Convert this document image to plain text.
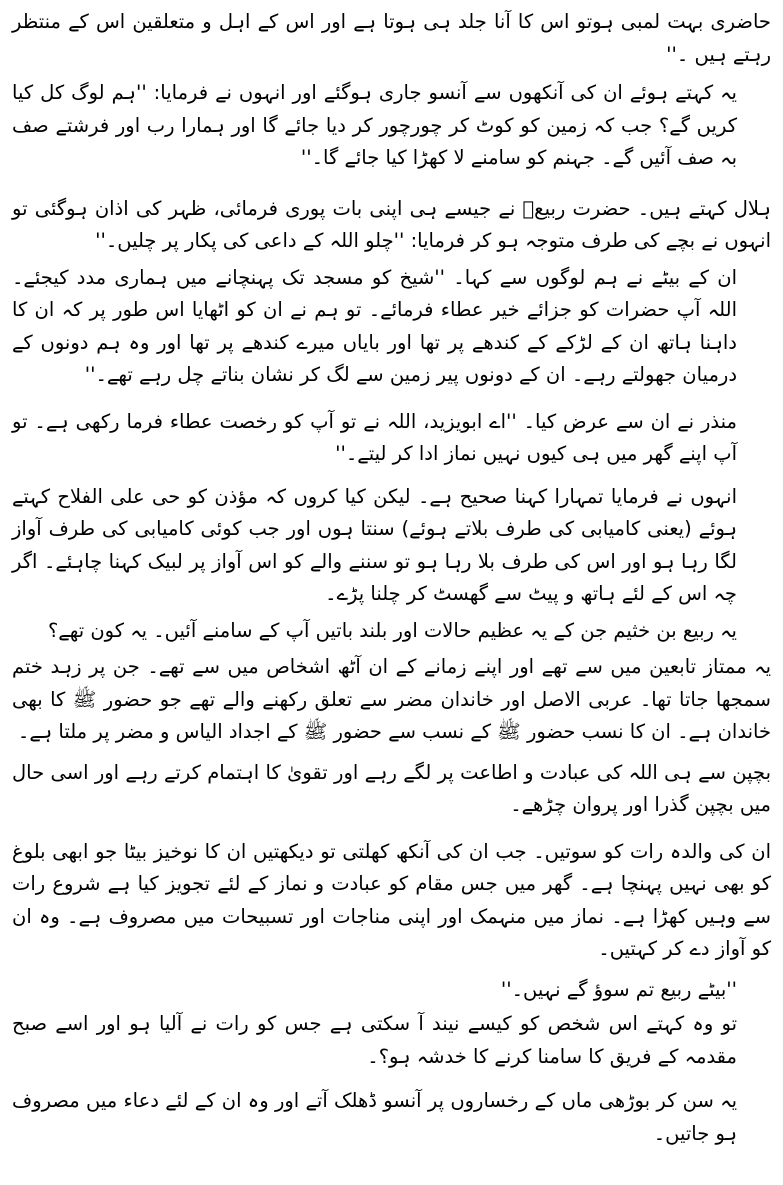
حاضری بہت لمبی ہوتو اس کا آنا جلد ہی ہوتا ہے اور اس کے اہل و متعلقین اس کے منتظر رہتے ہیں ۔''

یہ کہتے ہوئے ان کی آنکھوں سے آنسو جاری ہوگئے اور انہوں نے فرمایا: ''ہم لوگ کل کیا کریں گے؟ جب کہ زمین کو کوٹ کر چورچور کر دیا جائے گا اور ہمارا رب اور فرشتے صف بہ صف آئیں گے۔ جہنم کو سامنے لا کھڑا کیا جائے گا۔''

ہلال کہتے ہیں۔ حضرت ربیعؒ نے جیسے ہی اپنی بات پوری فرمائی، ظہر کی اذان ہوگئی تو انہوں نے بچے کی طرف متوجہ ہو کر فرمایا: ''چلو اللہ کے داعی کی پکار پر چلیں۔''

ان کے بیٹے نے ہم لوگوں سے کہا۔ ''شیخ کو مسجد تک پہنچانے میں ہماری مدد کیجئے۔ اللہ آپ حضرات کو جزائے خیر عطاء فرمائے۔ تو ہم نے ان کو اٹھایا اس طور پر کہ ان کا داہنا ہاتھ ان کے لڑکے کے کندھے پر تھا اور بایاں میرے کندھے پر تھا اور وہ ہم دونوں کے درمیان جھولتے رہے۔ ان کے دونوں پیر زمین سے لگ کر نشان بناتے چل رہے تھے۔''

منذر نے ان سے عرض کیا۔ ''اے ابویزید، اللہ نے تو آپ کو رخصت عطاء فرما رکھی ہے۔ تو آپ اپنے گھر میں ہی کیوں نہیں نماز ادا کر لیتے۔''

انہوں نے فرمایا تمہارا کہنا صحیح ہے۔ لیکن کیا کروں کہ مؤذن کو حی علی الفلاح کہتے ہوئے (یعنی کامیابی کی طرف بلاتے ہوئے) سنتا ہوں اور جب کوئی کامیابی کی طرف آواز لگا رہا ہو اور اس کی طرف بلا رہا ہو تو سننے والے کو اس آواز پر لبیک کہنا چاہئے۔ اگر چہ اس کے لئے ہاتھ و پیٹ سے گھسٹ کر چلنا پڑے۔

یہ ربیع بن خثیم جن کے یہ عظیم حالات اور بلند باتیں آپ کے سامنے آئیں۔ یہ کون تھے؟

یہ ممتاز تابعین میں سے تھے اور اپنے زمانے کے ان آٹھ اشخاص میں سے تھے۔ جن پر زہد ختم سمجھا جاتا تھا۔ عربی الاصل اور خاندان مضر سے تعلق رکھنے والے تھے جو حضور ﷺ کا بھی خاندان ہے۔ ان کا نسب حضور ﷺ کے نسب سے حضور ﷺ کے اجداد الیاس و مضر پر ملتا ہے۔

بچپن سے ہی اللہ کی عبادت و اطاعت پر لگے رہے اور تقویٰ کا اہتمام کرتے رہے اور اسی حال میں بچپن گذرا اور پروان چڑھے۔

ان کی والدہ رات کو سوتیں۔ جب ان کی آنکھ کھلتی تو دیکھتیں ان کا نوخیز بیٹا جو ابھی بلوغ کو بھی نہیں پہنچا ہے۔ گھر میں جس مقام کو عبادت و نماز کے لئے تجویز کیا ہے شروع رات سے وہیں کھڑا ہے۔ نماز میں منہمک اور اپنی مناجات اور تسبیحات میں مصروف ہے۔ وہ ان کو آواز دے کر کہتیں۔

''بیٹے ربیع تم سوؤ گے نہیں۔''

تو وہ کہتے اس شخص کو کیسے نیند آ سکتی ہے جس کو رات نے آلیا ہو اور اسے صبح مقدمہ کے فریق کا سامنا کرنے کا خدشہ ہو؟۔

یہ سن کر بوڑھی ماں کے رخساروں پر آنسو ڈھلک آتے اور وہ ان کے لئے دعاء میں مصروف ہو جاتیں۔
